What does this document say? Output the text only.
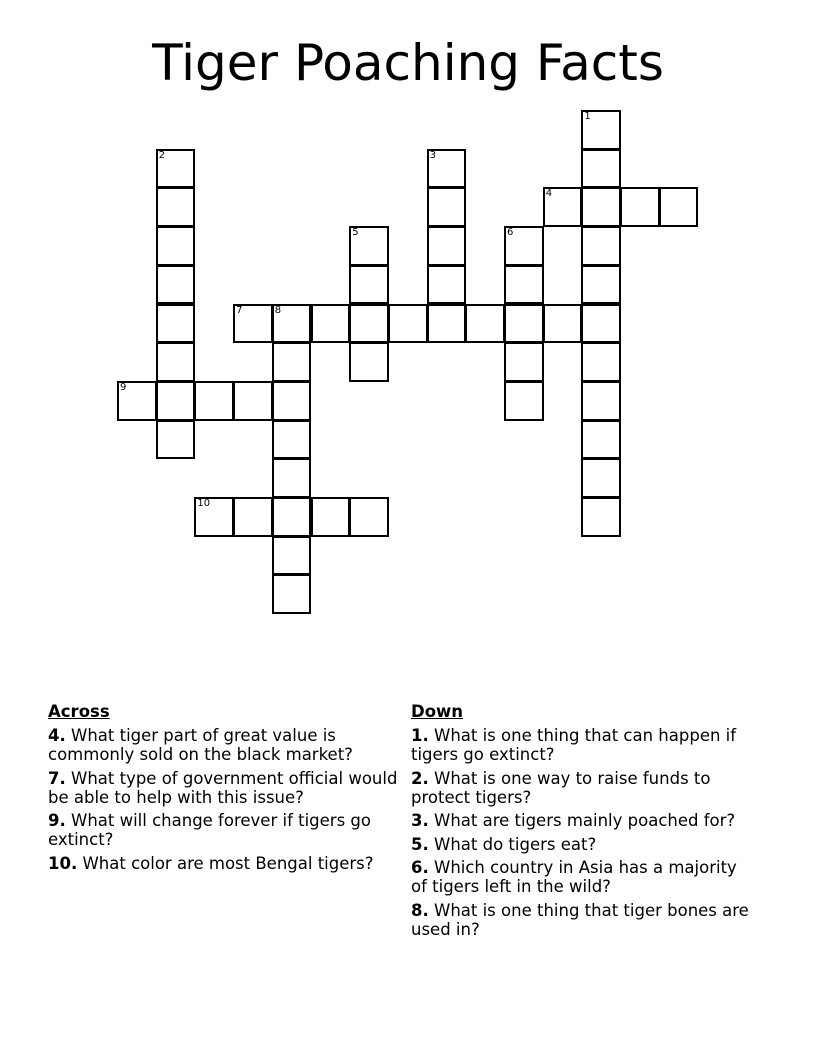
Tiger Poaching Facts
1
4
2	3
5	6
7	8
9
10
Across
4. What tiger part of great value is commonly sold on the black market?
7. What type of government official would be able to help with this issue?
9. What will change forever if tigers go extinct?
10. What color are most Bengal tigers?
Down
1. What is one thing that can happen if tigers go extinct?
2. What is one way to raise funds to protect tigers?
3. What are tigers mainly poached for?
5. What do tigers eat?
6. Which country in Asia has a majority of tigers left in the wild?
8. What is one thing that tiger bones are used in?
